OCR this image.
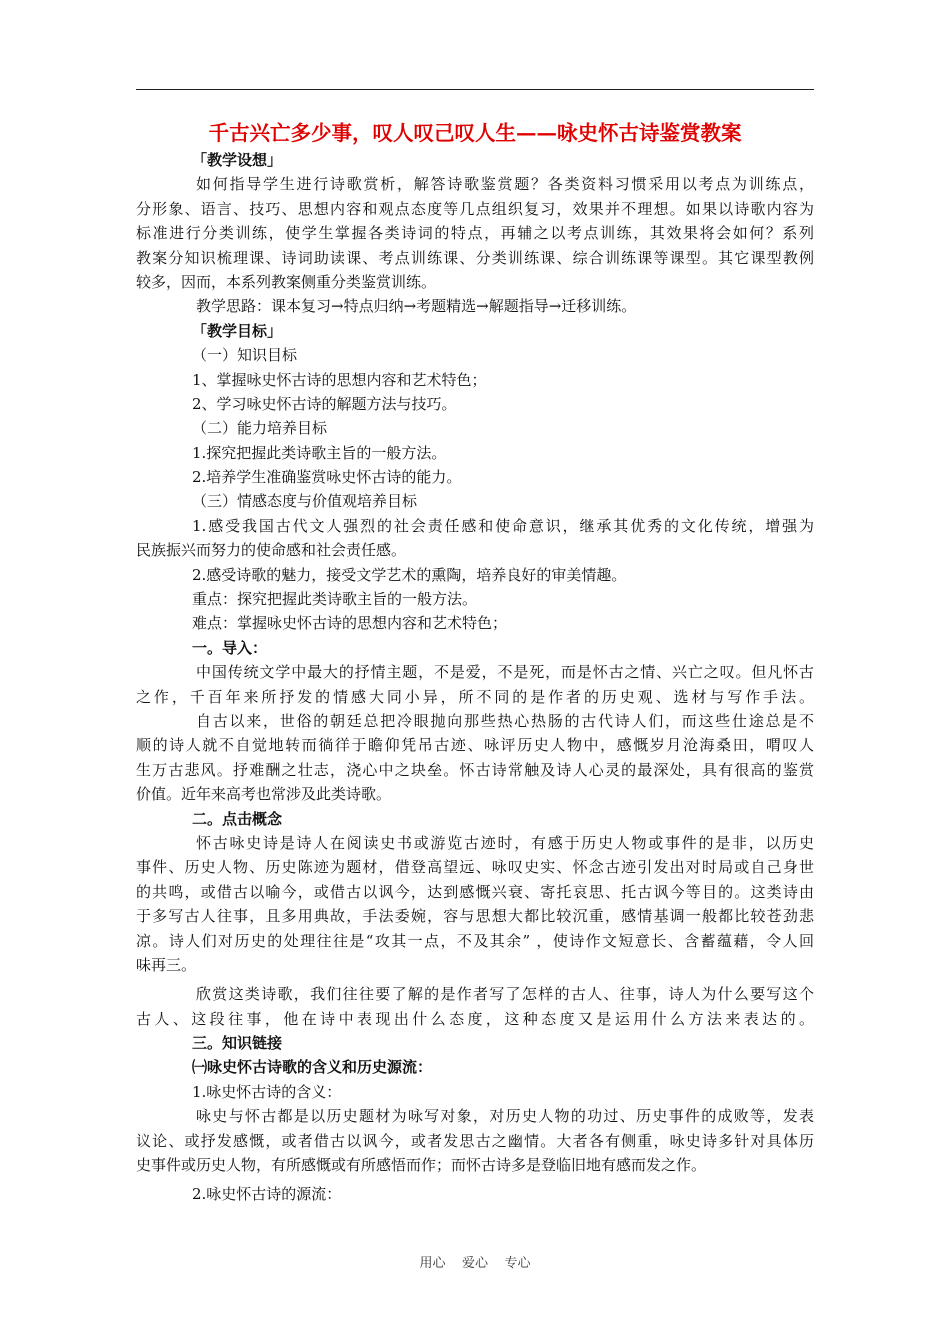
千古兴亡多少事，叹人叹己叹人生——咏史怀古诗鉴赏教案
「教学设想」
如何指导学生进行诗歌赏析，解答诗歌鉴赏题？各类资料习惯采用以考点为训练点，
分形象、语言、技巧、思想内容和观点态度等几点组织复习，效果并不理想。如果以诗歌内容为
标准进行分类训练，使学生掌握各类诗词的特点，再辅之以考点训练，其效果将会如何？系列
教案分知识梳理课、诗词助读课、考点训练课、分类训练课、综合训练课等课型。其它课型教例
较多，因而，本系列教案侧重分类鉴赏训练。
教学思路：课本复习→特点归纳→考题精选→解题指导→迁移训练。
「教学目标」
（一）知识目标
1、掌握咏史怀古诗的思想内容和艺术特色；
2、学习咏史怀古诗的解题方法与技巧。
（二）能力培养目标
1.探究把握此类诗歌主旨的一般方法。
2.培养学生准确鉴赏咏史怀古诗的能力。
（三）情感态度与价值观培养目标
1.感受我国古代文人强烈的社会责任感和使命意识，继承其优秀的文化传统，增强为
民族振兴而努力的使命感和社会责任感。
2.感受诗歌的魅力，接受文学艺术的熏陶，培养良好的审美情趣。
重点：探究把握此类诗歌主旨的一般方法。
难点：掌握咏史怀古诗的思想内容和艺术特色；
一。导入：
中国传统文学中最大的抒情主题，不是爱，不是死，而是怀古之情、兴亡之叹。但凡怀古
之作，千百年来所抒发的情感大同小异，所不同的是作者的历史观、选材与写作手法。
自古以来，世俗的朝廷总把冷眼抛向那些热心热肠的古代诗人们，而这些仕途总是不
顺的诗人就不自觉地转而徜徉于瞻仰凭吊古迹、咏评历史人物中，感慨岁月沧海桑田，喟叹人
生万古悲风。抒难酬之壮志，浇心中之块垒。怀古诗常触及诗人心灵的最深处，具有很高的鉴赏
价值。近年来高考也常涉及此类诗歌。
二。点击概念
怀古咏史诗是诗人在阅读史书或游览古迹时，有感于历史人物或事件的是非，以历史
事件、历史人物、历史陈迹为题材，借登高望远、咏叹史实、怀念古迹引发出对时局或自己身世
的共鸣，或借古以喻今，或借古以讽今，达到感慨兴衰、寄托哀思、托古讽今等目的。这类诗由
于多写古人往事，且多用典故，手法委婉，容与思想大都比较沉重，感情基调一般都比较苍劲悲
凉。诗人们对历史的处理往往是“攻其一点，不及其余” ，使诗作文短意长、含蓄蕴藉，令人回
味再三。
欣赏这类诗歌，我们往往要了解的是作者写了怎样的古人、往事，诗人为什么要写这个
古人、这段往事，他在诗中表现出什么态度，这种态度又是运用什么方法来表达的。
三。知识链接
㈠咏史怀古诗歌的含义和历史源流：
1.咏史怀古诗的含义：
咏史与怀古都是以历史题材为咏写对象，对历史人物的功过、历史事件的成败等，发表
议论、或抒发感慨，或者借古以讽今，或者发思古之幽情。大者各有侧重，咏史诗多针对具体历
史事件或历史人物，有所感慨或有所感悟而作；而怀古诗多是登临旧地有感而发之作。
2.咏史怀古诗的源流：
用心    爱心    专心
